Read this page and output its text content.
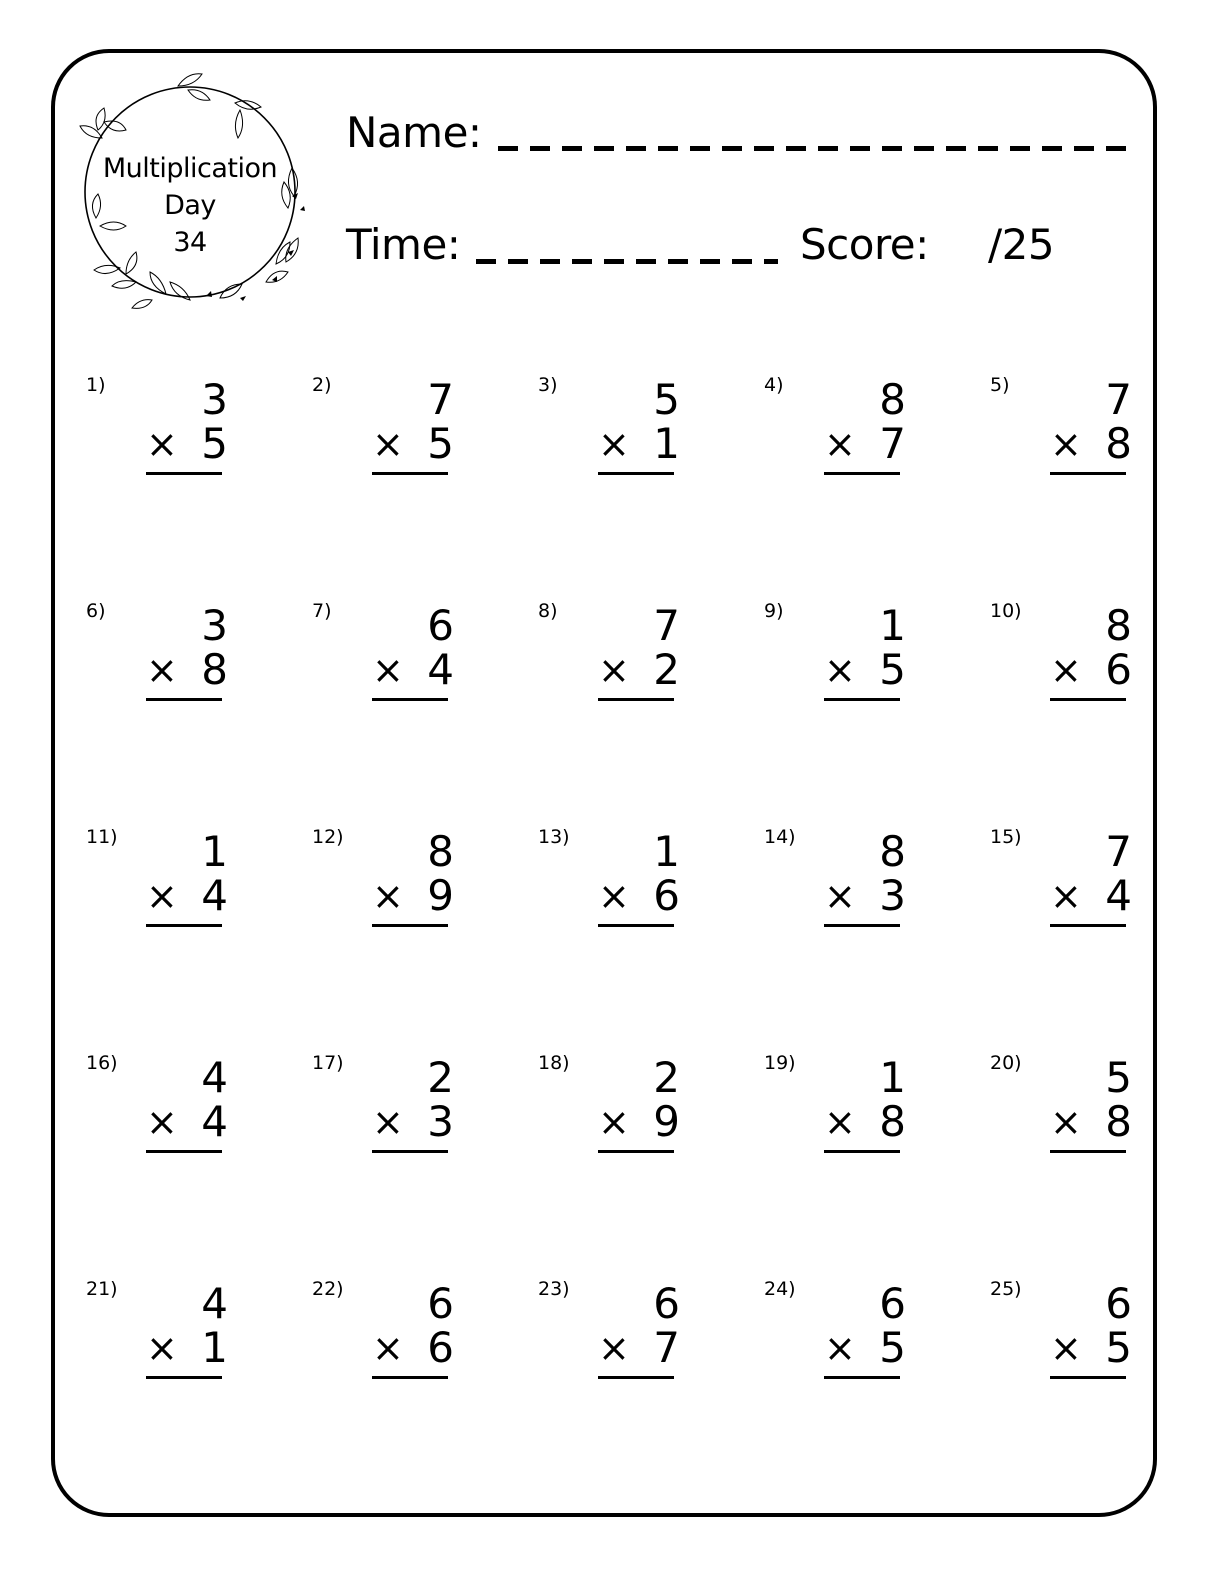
Multiplication
Day
34
Name:
Time:	Score: /25
1) 3
× 5
2) 7
× 5
3) 5
× 1
4) 8
× 7
5) 7
× 8
6) 3
× 8
7) 6
× 4
8) 7
× 2
9) 1
× 5
10) 8
× 6
11) 1
× 4
12) 8
× 9
13) 1
× 6
14) 8
× 3
15) 7
× 4
16) 4
× 4
17) 2
× 3
18) 2
× 9
19) 1
× 8
20) 5
× 8
21) 4
× 1
22) 6
× 6
23) 6
× 7
24) 6
× 5
25) 6
× 5
